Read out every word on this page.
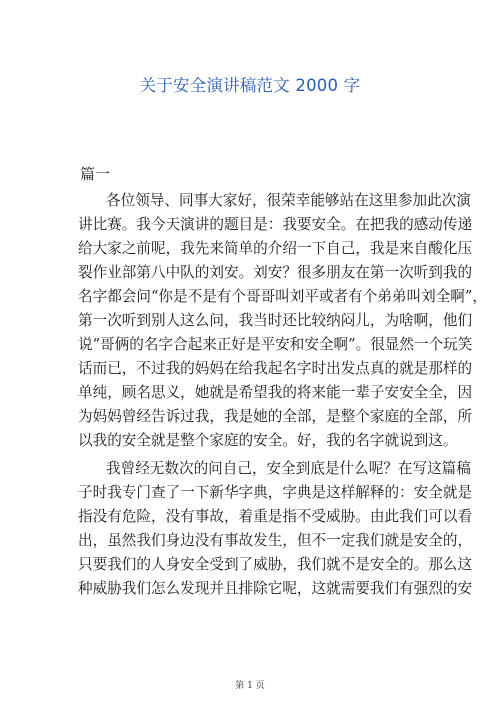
关于安全演讲稿范文 2000 字
篇一
各位领导、同事大家好，很荣幸能够站在这里参加此次演
讲比赛。我今天演讲的题目是：我要安全。在把我的感动传递
给大家之前呢，我先来简单的介绍一下自己，我是来自酸化压
裂作业部第八中队的刘安。刘安？很多朋友在第一次听到我的
名字都会问“你是不是有个哥哥叫刘平或者有个弟弟叫刘全啊”，
第一次听到别人这么问，我当时还比较纳闷儿，为啥啊，他们
说“哥俩的名字合起来正好是平安和安全啊”。很显然一个玩笑
话而已，不过我的妈妈在给我起名字时出发点真的就是那样的
单纯，顾名思义，她就是希望我的将来能一辈子安安全全，因
为妈妈曾经告诉过我，我是她的全部，是整个家庭的全部，所
以我的安全就是整个家庭的安全。好，我的名字就说到这。
我曾经无数次的问自己，安全到底是什么呢？在写这篇稿
子时我专门查了一下新华字典，字典是这样解释的：安全就是
指没有危险，没有事故，着重是指不受威胁。由此我们可以看
出，虽然我们身边没有事故发生，但不一定我们就是安全的，
只要我们的人身安全受到了威胁，我们就不是安全的。那么这
种威胁我们怎么发现并且排除它呢，这就需要我们有强烈的安
第 1 页
